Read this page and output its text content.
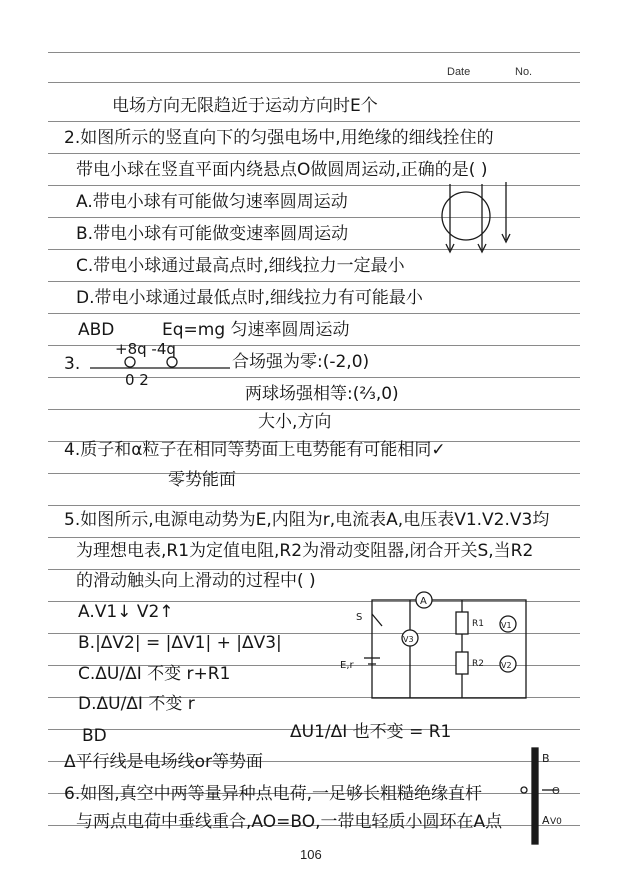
Date	No.
电场方向无限趋近于运动方向时E个
2.如图所示的竖直向下的匀强电场中,用绝缘的细线拴住的
带电小球在竖直平面内绕悬点O做圆周运动,正确的是( )
A.带电小球有可能做匀速率圆周运动
B.带电小球有可能做变速率圆周运动
C.带电小球通过最高点时,细线拉力一定最小
D.带电小球通过最低点时,细线拉力有可能最小
ABD	Eq=mg 匀速率圆周运动
+8q -4q
3.
0 2
合场强为零:(-2,0)
两球场强相等:(⅔,0)
大小,方向
4.质子和α粒子在相同等势面上电势能有可能相同✓
零势能面
5.如图所示,电源电动势为E,内阻为r,电流表A,电压表V1.V2.V3均
为理想电表,R1为定值电阻,R2为滑动变阻器,闭合开关S,当R2
的滑动触头向上滑动的过程中( )
A.V1↓ V2↑
B.|ΔV2| = |ΔV1| + |ΔV3|
C.ΔU/ΔI 不变 r+R1
D.ΔU/ΔI 不变 r
BD	ΔU1/ΔI 也不变 = R1
Δ平行线是电场线or等势面
6.如图,真空中两等量异种点电荷,一足够长粗糙绝缘直杆
与两点电荷中垂线重合,AO=BO,一带电轻质小圆环在A点
A
V3
R1
R2
V1
V2
E,r
S
B
O
A V0
106
